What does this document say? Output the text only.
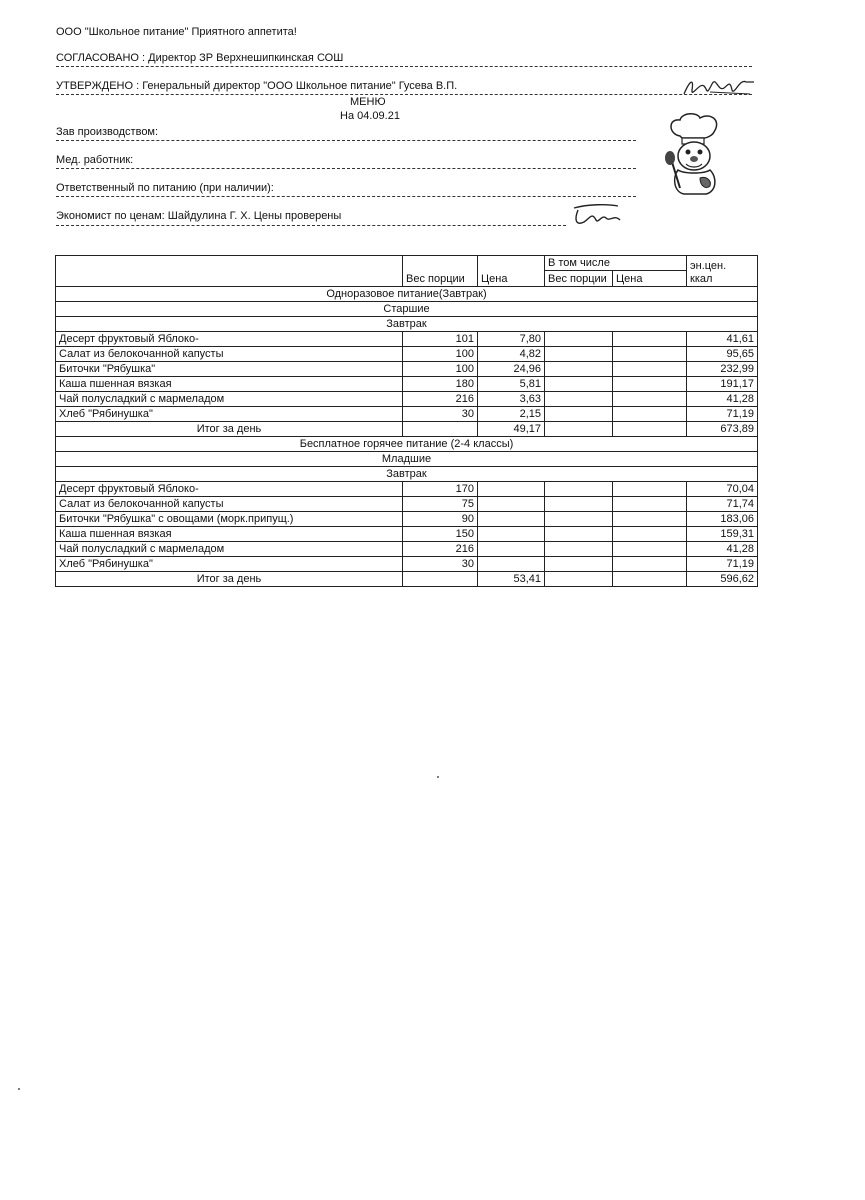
ООО "Школьное питание" Приятного аппетита!
СОГЛАСОВАНО : Директор ЗР Верхнешипкинская СОШ
УТВЕРЖДЕНО : Генеральный директор "ООО Школьное питание" Гусева В.П.
МЕНЮ
На 04.09.21
Зав производством:
Мед. работник:
Ответственный по питанию (при наличии):
Экономист по ценам: Шайдулина Г. Х. Цены проверены
	Вес порции	Цена	В том числе		эн.цен.
ккал

			Вес порции	Цена	
Одноразовое питание(Завтрак)					
Старшие					
Завтрак					
Десерт фруктовый Яблоко-	101	7,80			41,61
Салат из белокочанной капусты	100	4,82			95,65
Биточки "Рябушка"	100	24,96			232,99
Каша пшенная вязкая	180	5,81			191,17
Чай полусладкий с мармеладом	216	3,63			41,28
Хлеб "Рябинушка"	30	2,15			71,19
Итог за день		49,17			673,89
Бесплатное горячее питание (2-4 классы)					
Младшие					
Завтрак					
Десерт фруктовый Яблоко-	170				70,04
Салат из белокочанной капусты	75				71,74
Биточки "Рябушка" с овощами (морк.припущ.)	90				183,06
Каша пшенная вязкая	150				159,31
Чай полусладкий с мармеладом	216				41,28
Хлеб "Рябинушка"	30				71,19
Итог за день		53,41			596,62
